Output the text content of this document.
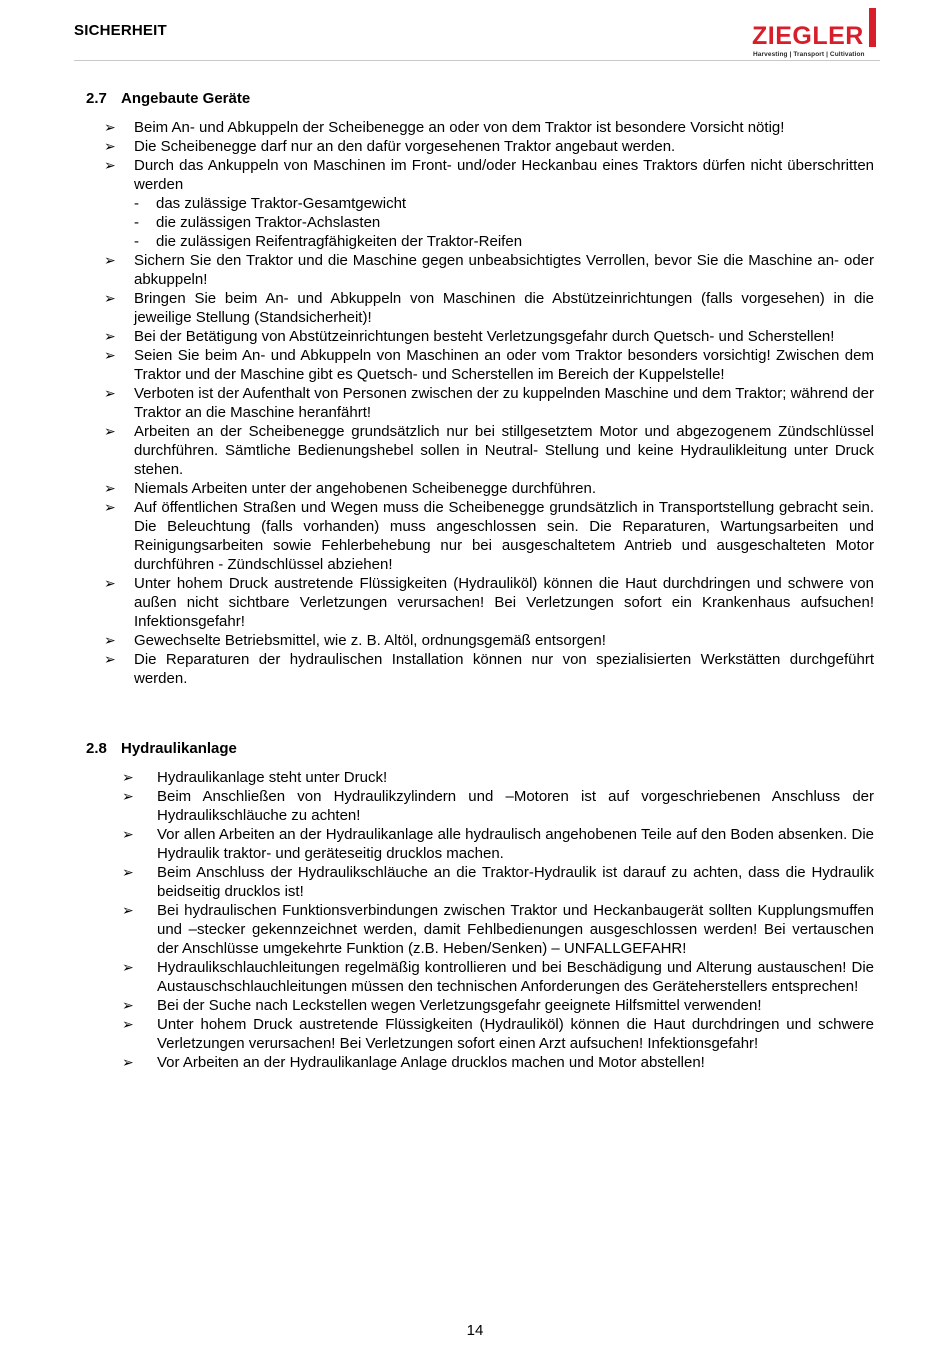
SICHERHEIT	ZIEGLER
Harvesting | Transport | Cultivation
2.7 Angebaute Geräte
➢	Beim An- und Abkuppeln der Scheibenegge an oder von dem Traktor ist besondere Vorsicht nötig!
➢	Die Scheibenegge darf nur an den dafür vorgesehenen Traktor angebaut werden.
➢	Durch das Ankuppeln von Maschinen im Front- und/oder Heckanbau eines Traktors dürfen nicht überschritten werden
-	das zulässige Traktor-Gesamtgewicht
-	die zulässigen Traktor-Achslasten
-	die zulässigen Reifentragfähigkeiten der Traktor-Reifen
➢	Sichern Sie den Traktor und die Maschine gegen unbeabsichtigtes Verrollen, bevor Sie die Maschine an- oder abkuppeln!
➢	Bringen Sie beim An- und Abkuppeln von Maschinen die Abstützeinrichtungen (falls vorgesehen) in die jeweilige Stellung (Standsicherheit)!
➢	Bei der Betätigung von Abstützeinrichtungen besteht Verletzungsgefahr durch Quetsch- und Scherstellen!
➢	Seien Sie beim An- und Abkuppeln von Maschinen an oder vom Traktor besonders vorsichtig! Zwischen dem Traktor und der Maschine gibt es Quetsch- und Scherstellen im Bereich der Kuppelstelle!
➢	Verboten ist der Aufenthalt von Personen zwischen der zu kuppelnden Maschine und dem Traktor; während der Traktor an die Maschine heranfährt!
➢	Arbeiten an der Scheibenegge grundsätzlich nur bei stillgesetztem Motor und abgezogenem Zündschlüssel durchführen. Sämtliche Bedienungshebel sollen in Neutral- Stellung und keine Hydraulikleitung unter Druck stehen.
➢	Niemals Arbeiten unter der angehobenen Scheibenegge durchführen.
➢	Auf öffentlichen Straßen und Wegen muss die Scheibenegge grundsätzlich in Transportstellung gebracht sein. Die Beleuchtung (falls vorhanden) muss angeschlossen sein. Die Reparaturen, Wartungsarbeiten und Reinigungsarbeiten sowie Fehlerbehebung nur bei ausgeschaltetem Antrieb und ausgeschalteten Motor durchführen - Zündschlüssel abziehen!
➢	Unter hohem Druck austretende Flüssigkeiten (Hydrauliköl) können die Haut durchdringen und schwere von außen nicht sichtbare Verletzungen verursachen! Bei Verletzungen sofort ein Krankenhaus aufsuchen! Infektionsgefahr!
➢	Gewechselte Betriebsmittel, wie z. B. Altöl, ordnungsgemäß entsorgen!
➢	Die Reparaturen der hydraulischen Installation können nur von spezialisierten Werkstätten durchgeführt werden.
2.8 Hydraulikanlage
➢	Hydraulikanlage steht unter Druck!
➢	Beim Anschließen von Hydraulikzylindern und –Motoren ist auf vorgeschriebenen Anschluss der Hydraulikschläuche zu achten!
➢	Vor allen Arbeiten an der Hydraulikanlage alle hydraulisch angehobenen Teile auf den Boden absenken. Die Hydraulik traktor- und geräteseitig drucklos machen.
➢	Beim Anschluss der Hydraulikschläuche an die Traktor-Hydraulik ist darauf zu achten, dass die Hydraulik beidseitig drucklos ist!
➢	Bei hydraulischen Funktionsverbindungen zwischen Traktor und Heckanbaugerät sollten Kupplungsmuffen und –stecker gekennzeichnet werden, damit Fehlbedienungen ausgeschlossen werden! Bei vertauschen der Anschlüsse umgekehrte Funktion (z.B. Heben/Senken) – UNFALLGEFAHR!
➢	Hydraulikschlauchleitungen regelmäßig kontrollieren und bei Beschädigung und Alterung austauschen! Die Austauschschlauchleitungen müssen den technischen Anforderungen des Geräteherstellers entsprechen!
➢	Bei der Suche nach Leckstellen wegen Verletzungsgefahr geeignete Hilfsmittel verwenden!
➢	Unter hohem Druck austretende Flüssigkeiten (Hydrauliköl) können die Haut durchdringen und schwere Verletzungen verursachen! Bei Verletzungen sofort einen Arzt aufsuchen! Infektionsgefahr!
➢	Vor Arbeiten an der Hydraulikanlage Anlage drucklos machen und Motor abstellen!
14
